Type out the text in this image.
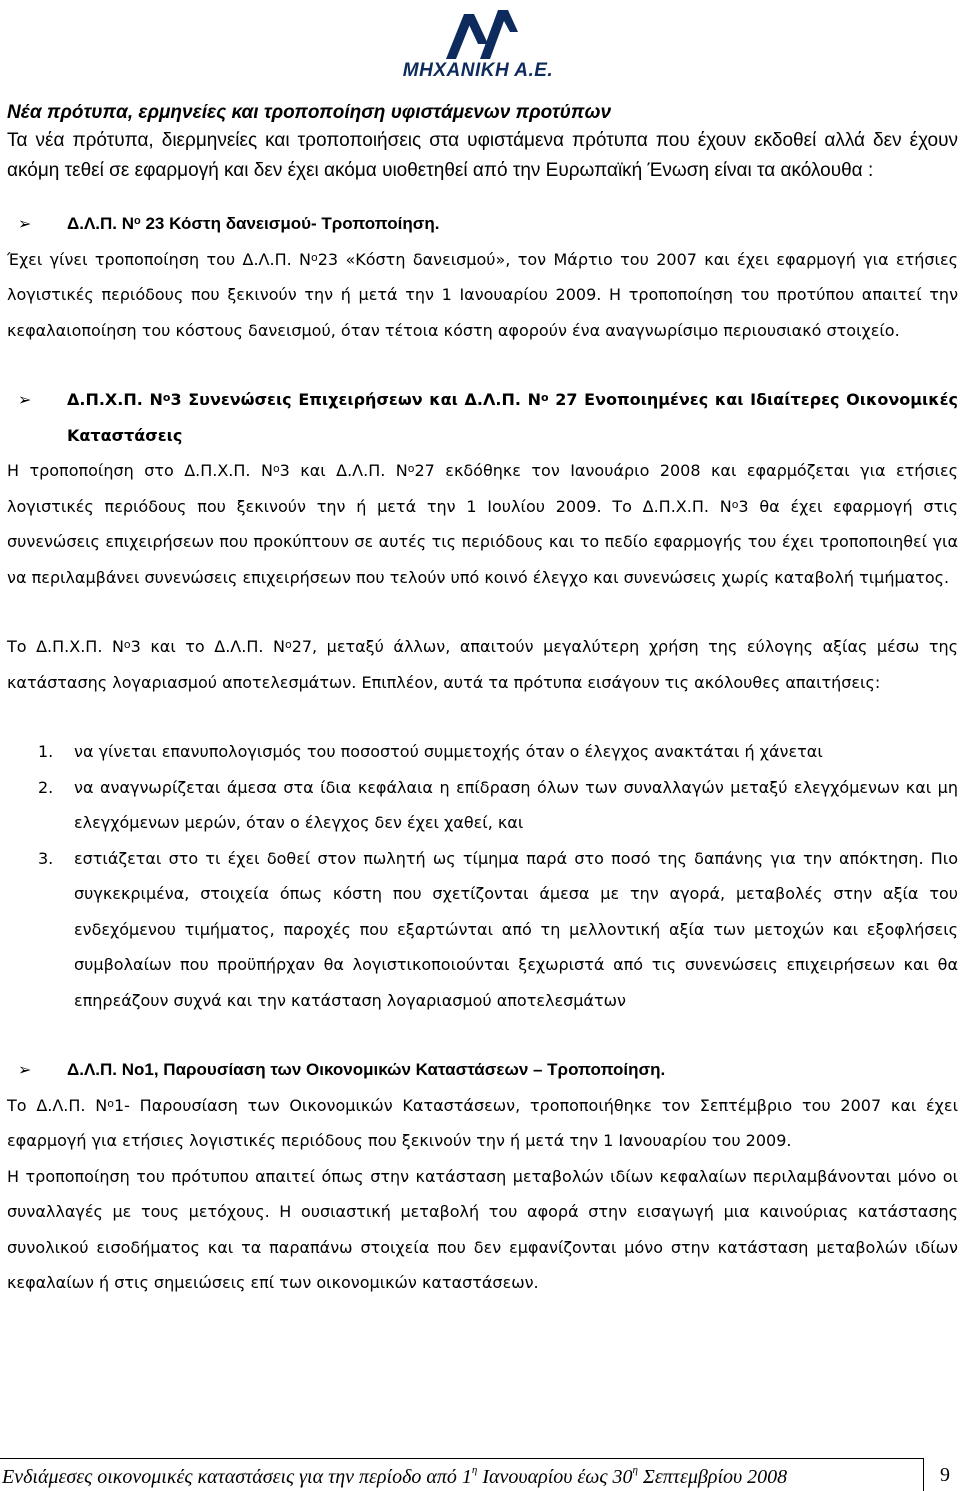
ΜΗΧΑΝΙΚΗ Α.Ε.

Νέα πρότυπα, ερμηνείες και τροποποίηση υφιστάμενων προτύπων

Τα νέα πρότυπα, διερμηνείες και τροποποιήσεις στα υφιστάμενα πρότυπα που έχουν εκδοθεί αλλά δεν έχουν ακόμη τεθεί σε εφαρμογή και δεν έχει ακόμα υιοθετηθεί από την Ευρωπαϊκή Ένωση είναι τα ακόλουθα :

➢ Δ.Λ.Π. $N^o$ 23 Κόστη δανεισμού- Τροποποίηση.

Έχει γίνει τροποποίηση του Δ.Λ.Π. $N^o23$ «Κόστη δανεισμού», τον Μάρτιο του 2007 και έχει εφαρμογή για ετήσιες λογιστικές περιόδους που ξεκινούν την ή μετά την 1 Ιανουαρίου 2009. Η τροποποίηση του προτύπου απαιτεί την κεφαλαιοποίηση του κόστους δανεισμού, όταν τέτοια κόστη αφορούν ένα αναγνωρίσιμο περιουσιακό στοιχείο.

➢ Δ.Π.Χ.Π. $N^o3$ Συνενώσεις Επιχειρήσεων και Δ.Λ.Π. $N^o$ 27 Ενοποιημένες και Ιδιαίτερες Οικονομικές Καταστάσεις

Η τροποποίηση στο Δ.Π.Χ.Π. $N^o3$ και Δ.Λ.Π. $N^o27$ εκδόθηκε τον Ιανουάριο 2008 και εφαρμόζεται για ετήσιες λογιστικές περιόδους που ξεκινούν την ή μετά την 1 Ιουλίου 2009. Το Δ.Π.Χ.Π. $N^o3$ θα έχει εφαρμογή στις συνενώσεις επιχειρήσεων που προκύπτουν σε αυτές τις περιόδους και το πεδίο εφαρμογής του έχει τροποποιηθεί για να περιλαμβάνει συνενώσεις επιχειρήσεων που τελούν υπό κοινό έλεγχο και συνενώσεις χωρίς καταβολή τιμήματος.

Το Δ.Π.Χ.Π. $N^o3$ και το Δ.Λ.Π. $N^o27$, μεταξύ άλλων, απαιτούν μεγαλύτερη χρήση της εύλογης αξίας μέσω της κατάστασης λογαριασμού αποτελεσμάτων. Επιπλέον, αυτά τα πρότυπα εισάγουν τις ακόλουθες απαιτήσεις:

1. να γίνεται επανυπολογισμός του ποσοστού συμμετοχής όταν ο έλεγχος ανακτάται ή χάνεται
2. να αναγνωρίζεται άμεσα στα ίδια κεφάλαια η επίδραση όλων των συναλλαγών μεταξύ ελεγχόμενων και μη ελεγχόμενων μερών, όταν ο έλεγχος δεν έχει χαθεί, και
3. εστιάζεται στο τι έχει δοθεί στον πωλητή ως τίμημα παρά στο ποσό της δαπάνης για την απόκτηση. Πιο συγκεκριμένα, στοιχεία όπως κόστη που σχετίζονται άμεσα με την αγορά, μεταβολές στην αξία του ενδεχόμενου τιμήματος, παροχές που εξαρτώνται από τη μελλοντική αξία των μετοχών και εξοφλήσεις συμβολαίων που προϋπήρχαν θα λογιστικοποιούνται ξεχωριστά από τις συνενώσεις επιχειρήσεων και θα επηρεάζουν συχνά και την κατάσταση λογαριασμού αποτελεσμάτων
➢ Δ.Λ.Π. Νο1, Παρουσίαση των Οικονομικών Καταστάσεων – Τροποποίηση.

Το Δ.Λ.Π. $N^o1-$ Παρουσίαση των Οικονομικών Καταστάσεων, τροποποιήθηκε τον Σεπτέμβριο του 2007 και έχει εφαρμογή για ετήσιες λογιστικές περιόδους που ξεκινούν την ή μετά την 1 Ιανουαρίου του 2009.

Η τροποποίηση του πρότυπου απαιτεί όπως στην κατάσταση μεταβολών ιδίων κεφαλαίων περιλαμβάνονται μόνο οι συναλλαγές με τους μετόχους. Η ουσιαστική μεταβολή του αφορά στην εισαγωγή μια καινούριας κατάστασης συνολικού εισοδήματος και τα παραπάνω στοιχεία που δεν εμφανίζονται μόνο στην κατάσταση μεταβολών ιδίων κεφαλαίων ή στις σημειώσεις επί των οικονομικών καταστάσεων.

Ενδιάμεσες οικονομικές καταστάσεις για την περίοδο από $1^\eta$ Ιανουαρίου έως $30^\eta$ Σεπτεμβρίου 2008	9
